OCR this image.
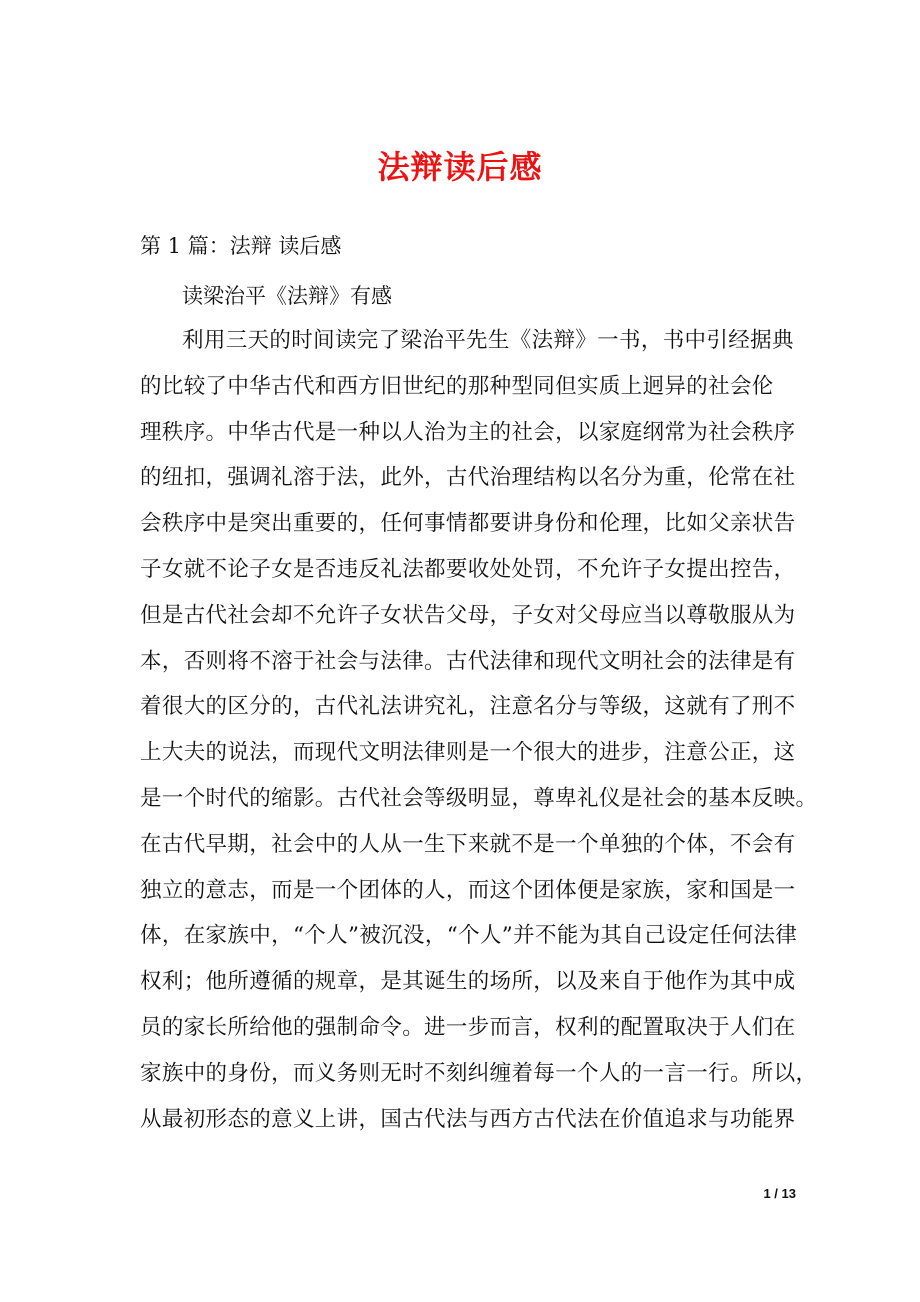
法辩读后感
第 1 篇：法辩 读后感
读梁治平《法辩》有感
利用三天的时间读完了梁治平先生《法辩》一书，书中引经据典
的比较了中华古代和西方旧世纪的那种型同但实质上迥异的社会伦
理秩序。中华古代是一种以人治为主的社会，以家庭纲常为社会秩序
的纽扣，强调礼溶于法，此外，古代治理结构以名分为重，伦常在社
会秩序中是突出重要的，任何事情都要讲身份和伦理，比如父亲状告
子女就不论子女是否违反礼法都要收处处罚，不允许子女提出控告，
但是古代社会却不允许子女状告父母，子女对父母应当以尊敬服从为
本，否则将不溶于社会与法律。古代法律和现代文明社会的法律是有
着很大的区分的，古代礼法讲究礼，注意名分与等级，这就有了刑不
上大夫的说法，而现代文明法律则是一个很大的进步，注意公正，这
是一个时代的缩影。古代社会等级明显，尊卑礼仪是社会的基本反映。
在古代早期，社会中的人从一生下来就不是一个单独的个体，不会有
独立的意志，而是一个团体的人，而这个团体便是家族，家和国是一
体，在家族中，“个人”被沉没，“个人”并不能为其自己设定任何法律
权利；他所遵循的规章，是其诞生的场所，以及来自于他作为其中成
员的家长所给他的强制命令。进一步而言，权利的配置取决于人们在
家族中的身份，而义务则无时不刻纠缠着每一个人的一言一行。所以，
从最初形态的意义上讲，国古代法与西方古代法在价值追求与功能界
1 / 13
